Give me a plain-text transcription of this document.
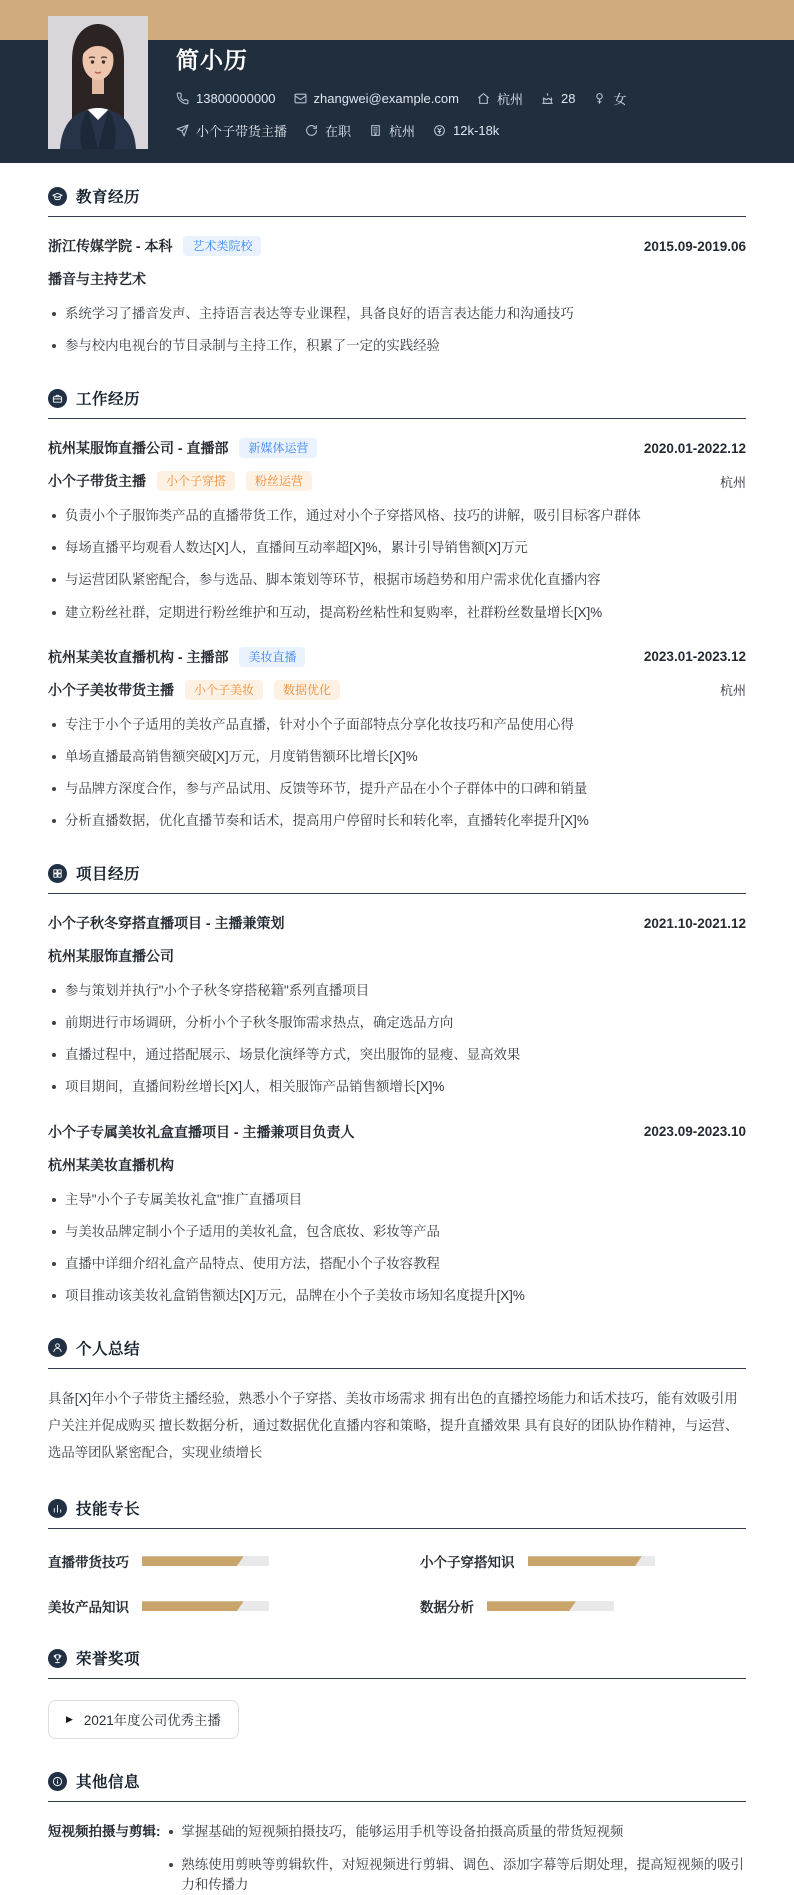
简小历
13800000000	zhangwei@example.com	杭州	28	女
小个子带货主播	在职	杭州	12k-18k
教育经历
浙江传媒学院 - 本科	艺术类院校	2015.09-2019.06
播音与主持艺术
系统学习了播音发声、主持语言表达等专业课程，具备良好的语言表达能力和沟通技巧
参与校内电视台的节目录制与主持工作，积累了一定的实践经验
工作经历
杭州某服饰直播公司 - 直播部	新媒体运营	2020.01-2022.12
小个子带货主播	小个子穿搭	粉丝运营	杭州
负责小个子服饰类产品的直播带货工作，通过对小个子穿搭风格、技巧的讲解，吸引目标客户群体
每场直播平均观看人数达[X]人，直播间互动率超[X]%，累计引导销售额[X]万元
与运营团队紧密配合，参与选品、脚本策划等环节，根据市场趋势和用户需求优化直播内容
建立粉丝社群，定期进行粉丝维护和互动，提高粉丝粘性和复购率，社群粉丝数量增长[X]%
杭州某美妆直播机构 - 主播部	美妆直播	2023.01-2023.12
小个子美妆带货主播	小个子美妆	数据优化	杭州
专注于小个子适用的美妆产品直播，针对小个子面部特点分享化妆技巧和产品使用心得
单场直播最高销售额突破[X]万元，月度销售额环比增长[X]%
与品牌方深度合作，参与产品试用、反馈等环节，提升产品在小个子群体中的口碑和销量
分析直播数据，优化直播节奏和话术，提高用户停留时长和转化率，直播转化率提升[X]%
项目经历
小个子秋冬穿搭直播项目 - 主播兼策划	2021.10-2021.12
杭州某服饰直播公司
参与策划并执行"小个子秋冬穿搭秘籍"系列直播项目
前期进行市场调研，分析小个子秋冬服饰需求热点，确定选品方向
直播过程中，通过搭配展示、场景化演绎等方式，突出服饰的显瘦、显高效果
项目期间，直播间粉丝增长[X]人，相关服饰产品销售额增长[X]%
小个子专属美妆礼盒直播项目 - 主播兼项目负责人	2023.09-2023.10
杭州某美妆直播机构
主导"小个子专属美妆礼盒"推广直播项目
与美妆品牌定制小个子适用的美妆礼盒，包含底妆、彩妆等产品
直播中详细介绍礼盒产品特点、使用方法，搭配小个子妆容教程
项目推动该美妆礼盒销售额达[X]万元，品牌在小个子美妆市场知名度提升[X]%
个人总结

具备[X]年小个子带货主播经验，熟悉小个子穿搭、美妆市场需求 拥有出色的直播控场能力和话术技巧，能有效吸引用户关注并促成购买 擅长数据分析，通过数据优化直播内容和策略，提升直播效果 具有良好的团队协作精神，与运营、选品等团队紧密配合，实现业绩增长

技能专长
直播带货技巧	小个子穿搭知识
美妆产品知识	数据分析
荣誉奖项
▶ 2021年度公司优秀主播
其他信息
短视频拍摄与剪辑:	掌握基础的短视频拍摄技巧，能够运用手机等设备拍摄高质量的带货短视频
熟练使用剪映等剪辑软件，对短视频进行剪辑、调色、添加字幕等后期处理，提高短视频的吸引力和传播力
